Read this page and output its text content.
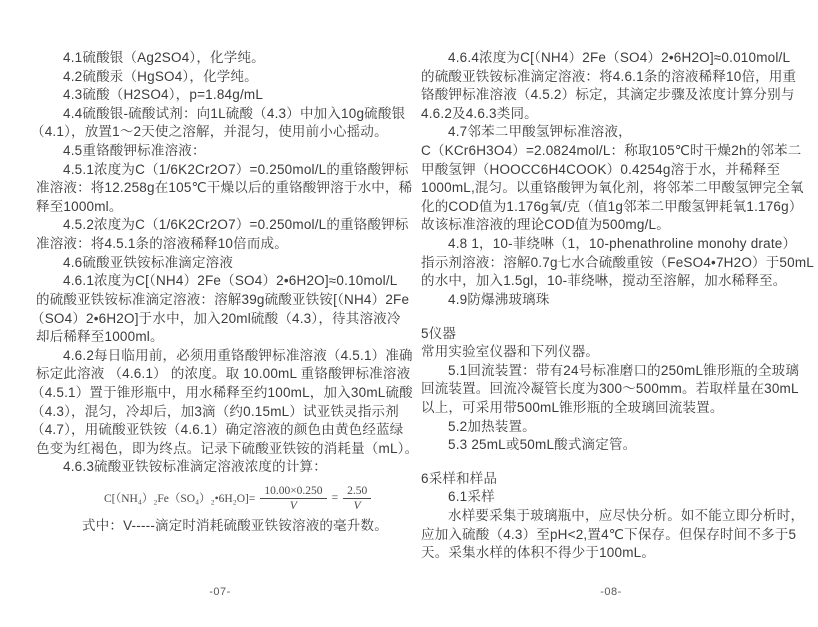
4.1硫酸银（Ag2SO4），化学纯。

4.2硫酸汞（HgSO4），化学纯。

4.3硫酸（H2SO4），p=1.84g/mL

4.4硫酸银-硫酸试剂：向1L硫酸（4.3）中加入10g硫酸银

（4.1），放置1～2天使之溶解，并混匀，使用前小心摇动。

4.5重铬酸钾标准溶液：

4.5.1浓度为C（1/6K2Cr2O7）=0.250mol/L的重铬酸钾标

准溶液：将12.258g在105℃干燥以后的重铬酸钾溶于水中，稀

释至1000ml。

4.5.2浓度为C（1/6K2Cr2O7）=0.250mol/L的重铬酸钾标

准溶液：将4.5.1条的溶液稀释10倍而成。

4.6硫酸亚铁铵标准滴定溶液

4.6.1浓度为C[（NH4）2Fe（SO4）2•6H2O]≈0.10mol/L

的硫酸亚铁铵标准滴定溶液：溶解39g硫酸亚铁铵[（NH4）2Fe

（SO4）2•6H2O]于水中，加入20ml硫酸（4.3），待其溶液冷

却后稀释至1000ml。

4.6.2每日临用前，必须用重铬酸钾标准溶液（4.5.1）准确

标定此溶液 （4.6.1） 的浓度。取 10.00mL 重铬酸钾标准溶液

（4.5.1）置于锥形瓶中，用水稀释至约100mL，加入30mL硫酸

（4.3），混匀，冷却后，加3滴（约0.15mL）试亚铁灵指示剂

（4.7），用硫酸亚铁铵（4.6.1）确定溶液的颜色由黄色经蓝绿

色变为红褐色，即为终点。记录下硫酸亚铁铵的消耗量（mL）。

4.6.3硫酸亚铁铵标准滴定溶液浓度的计算：

C[（NH₄）₂Fe（SO₄）₂•6H₂O]= $\frac{10.00\times 0.250}{V} = \frac{2.50}{V}$

式中：V-----滴定时消耗硫酸亚铁铵溶液的毫升数。

4.6.4浓度为C[（NH4）2Fe（SO4）2•6H2O]≈0.010mol/L

的硫酸亚铁铵标准滴定溶液：将4.6.1条的溶液稀释10倍，用重

铬酸钾标准溶液（4.5.2）标定，其滴定步骤及浓度计算分别与

4.6.2及4.6.3类同。

4.7邻苯二甲酸氢钾标准溶液，

C（KCr6H3O4）=2.0824mol/L：称取105℃时干燥2h的邻苯二

甲酸氢钾（HOOCC6H4COOK）0.4254g溶于水，并稀释至

1000mL,混匀。以重铬酸钾为氧化剂，将邻苯二甲酸氢钾完全氧

化的COD值为1.176g氧/克（值1g邻苯二甲酸氢钾耗氧1.176g）

故该标准溶液的理论COD值为500mg/L。

4.8 1，10-菲绕啉（1，10-phenathroline monohy drate）

指示剂溶液：溶解0.7g七水合硫酸重铵（FeSO4•7H2O）于50mL

的水中，加入1.5gl，10-菲绕啉，搅动至溶解，加水稀释至。

4.9防爆沸玻璃珠

5仪器

常用实验室仪器和下列仪器。

5.1回流装置：带有24号标准磨口的250mL锥形瓶的全玻璃

回流装置。回流冷凝管长度为300～500mm。若取样量在30mL

以上，可采用带500mL锥形瓶的全玻璃回流装置。

5.2加热装置。

5.3 25mL或50mL酸式滴定管。

6采样和样品

6.1采样

水样要采集于玻璃瓶中，应尽快分析。如不能立即分析时，

应加入硫酸（4.3）至pH<2,置4℃下保存。但保存时间不多于5

天。采集水样的体积不得少于100mL。

-07-	-08-
